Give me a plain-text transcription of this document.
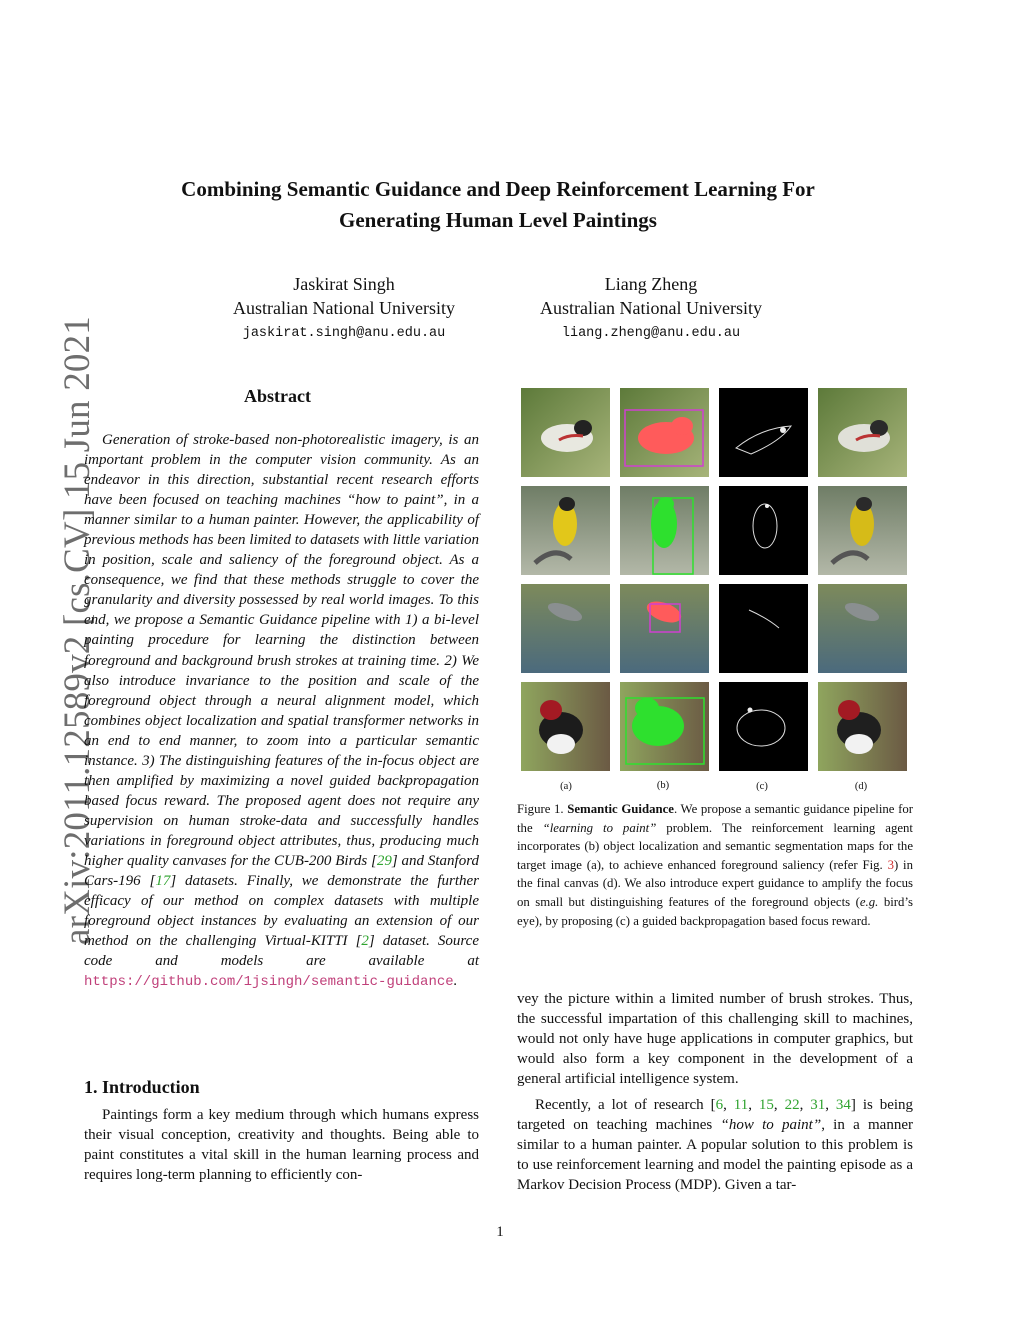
arXiv:2011.12589v2 [cs.CV] 15 Jun 2021
Combining Semantic Guidance and Deep Reinforcement Learning For
Generating Human Level Paintings
Jaskirat Singh
Australian National University
jaskirat.singh@anu.edu.au
Liang Zheng
Australian National University
liang.zheng@anu.edu.au
Abstract
Generation of stroke-based non-photorealistic imagery, is an important problem in the computer vision community. As an endeavor in this direction, substantial recent research efforts have been focused on teaching machines “how to paint”, in a manner similar to a human painter. However, the applicability of previous methods has been limited to datasets with little variation in position, scale and saliency of the foreground object. As a consequence, we find that these methods struggle to cover the granularity and diversity possessed by real world images. To this end, we propose a Semantic Guidance pipeline with 1) a bi-level painting procedure for learning the distinction between foreground and background brush strokes at training time. 2) We also introduce invariance to the position and scale of the foreground object through a neural alignment model, which combines object localization and spatial transformer networks in an end to end manner, to zoom into a particular semantic instance. 3) The distinguishing features of the in-focus object are then amplified by maximizing a novel guided backpropagation based focus reward. The proposed agent does not require any supervision on human stroke-data and successfully handles variations in foreground object attributes, thus, producing much higher quality canvases for the CUB-200 Birds [29] and Stanford Cars-196 [17] datasets. Finally, we demonstrate the further efficacy of our method on complex datasets with multiple foreground object instances by evaluating an extension of our method on the challenging Virtual-KITTI [2] dataset. Source code and models are available at https://github.com/1jsingh/semantic-guidance.
1. Introduction
Paintings form a key medium through which humans express their visual conception, creativity and thoughts. Being able to paint constitutes a vital skill in the human learning process and requires long-term planning to efficiently con-
(a)	(b)	(c)	(d)
Figure 1. Semantic Guidance. We propose a semantic guidance pipeline for the “learning to paint” problem. The reinforcement learning agent incorporates (b) object localization and semantic segmentation maps for the target image (a), to achieve enhanced foreground saliency (refer Fig. 3) in the final canvas (d). We also introduce expert guidance to amplify the focus on small but distinguishing features of the foreground objects (e.g. bird’s eye), by proposing (c) a guided backpropagation based focus reward.
vey the picture within a limited number of brush strokes. Thus, the successful impartation of this challenging skill to machines, would not only have huge applications in computer graphics, but would also form a key component in the development of a general artificial intelligence system.
Recently, a lot of research [6, 11, 15, 22, 31, 34] is being targeted on teaching machines “how to paint”, in a manner similar to a human painter. A popular solution to this problem is to use reinforcement learning and model the painting episode as a Markov Decision Process (MDP). Given a tar-
1
